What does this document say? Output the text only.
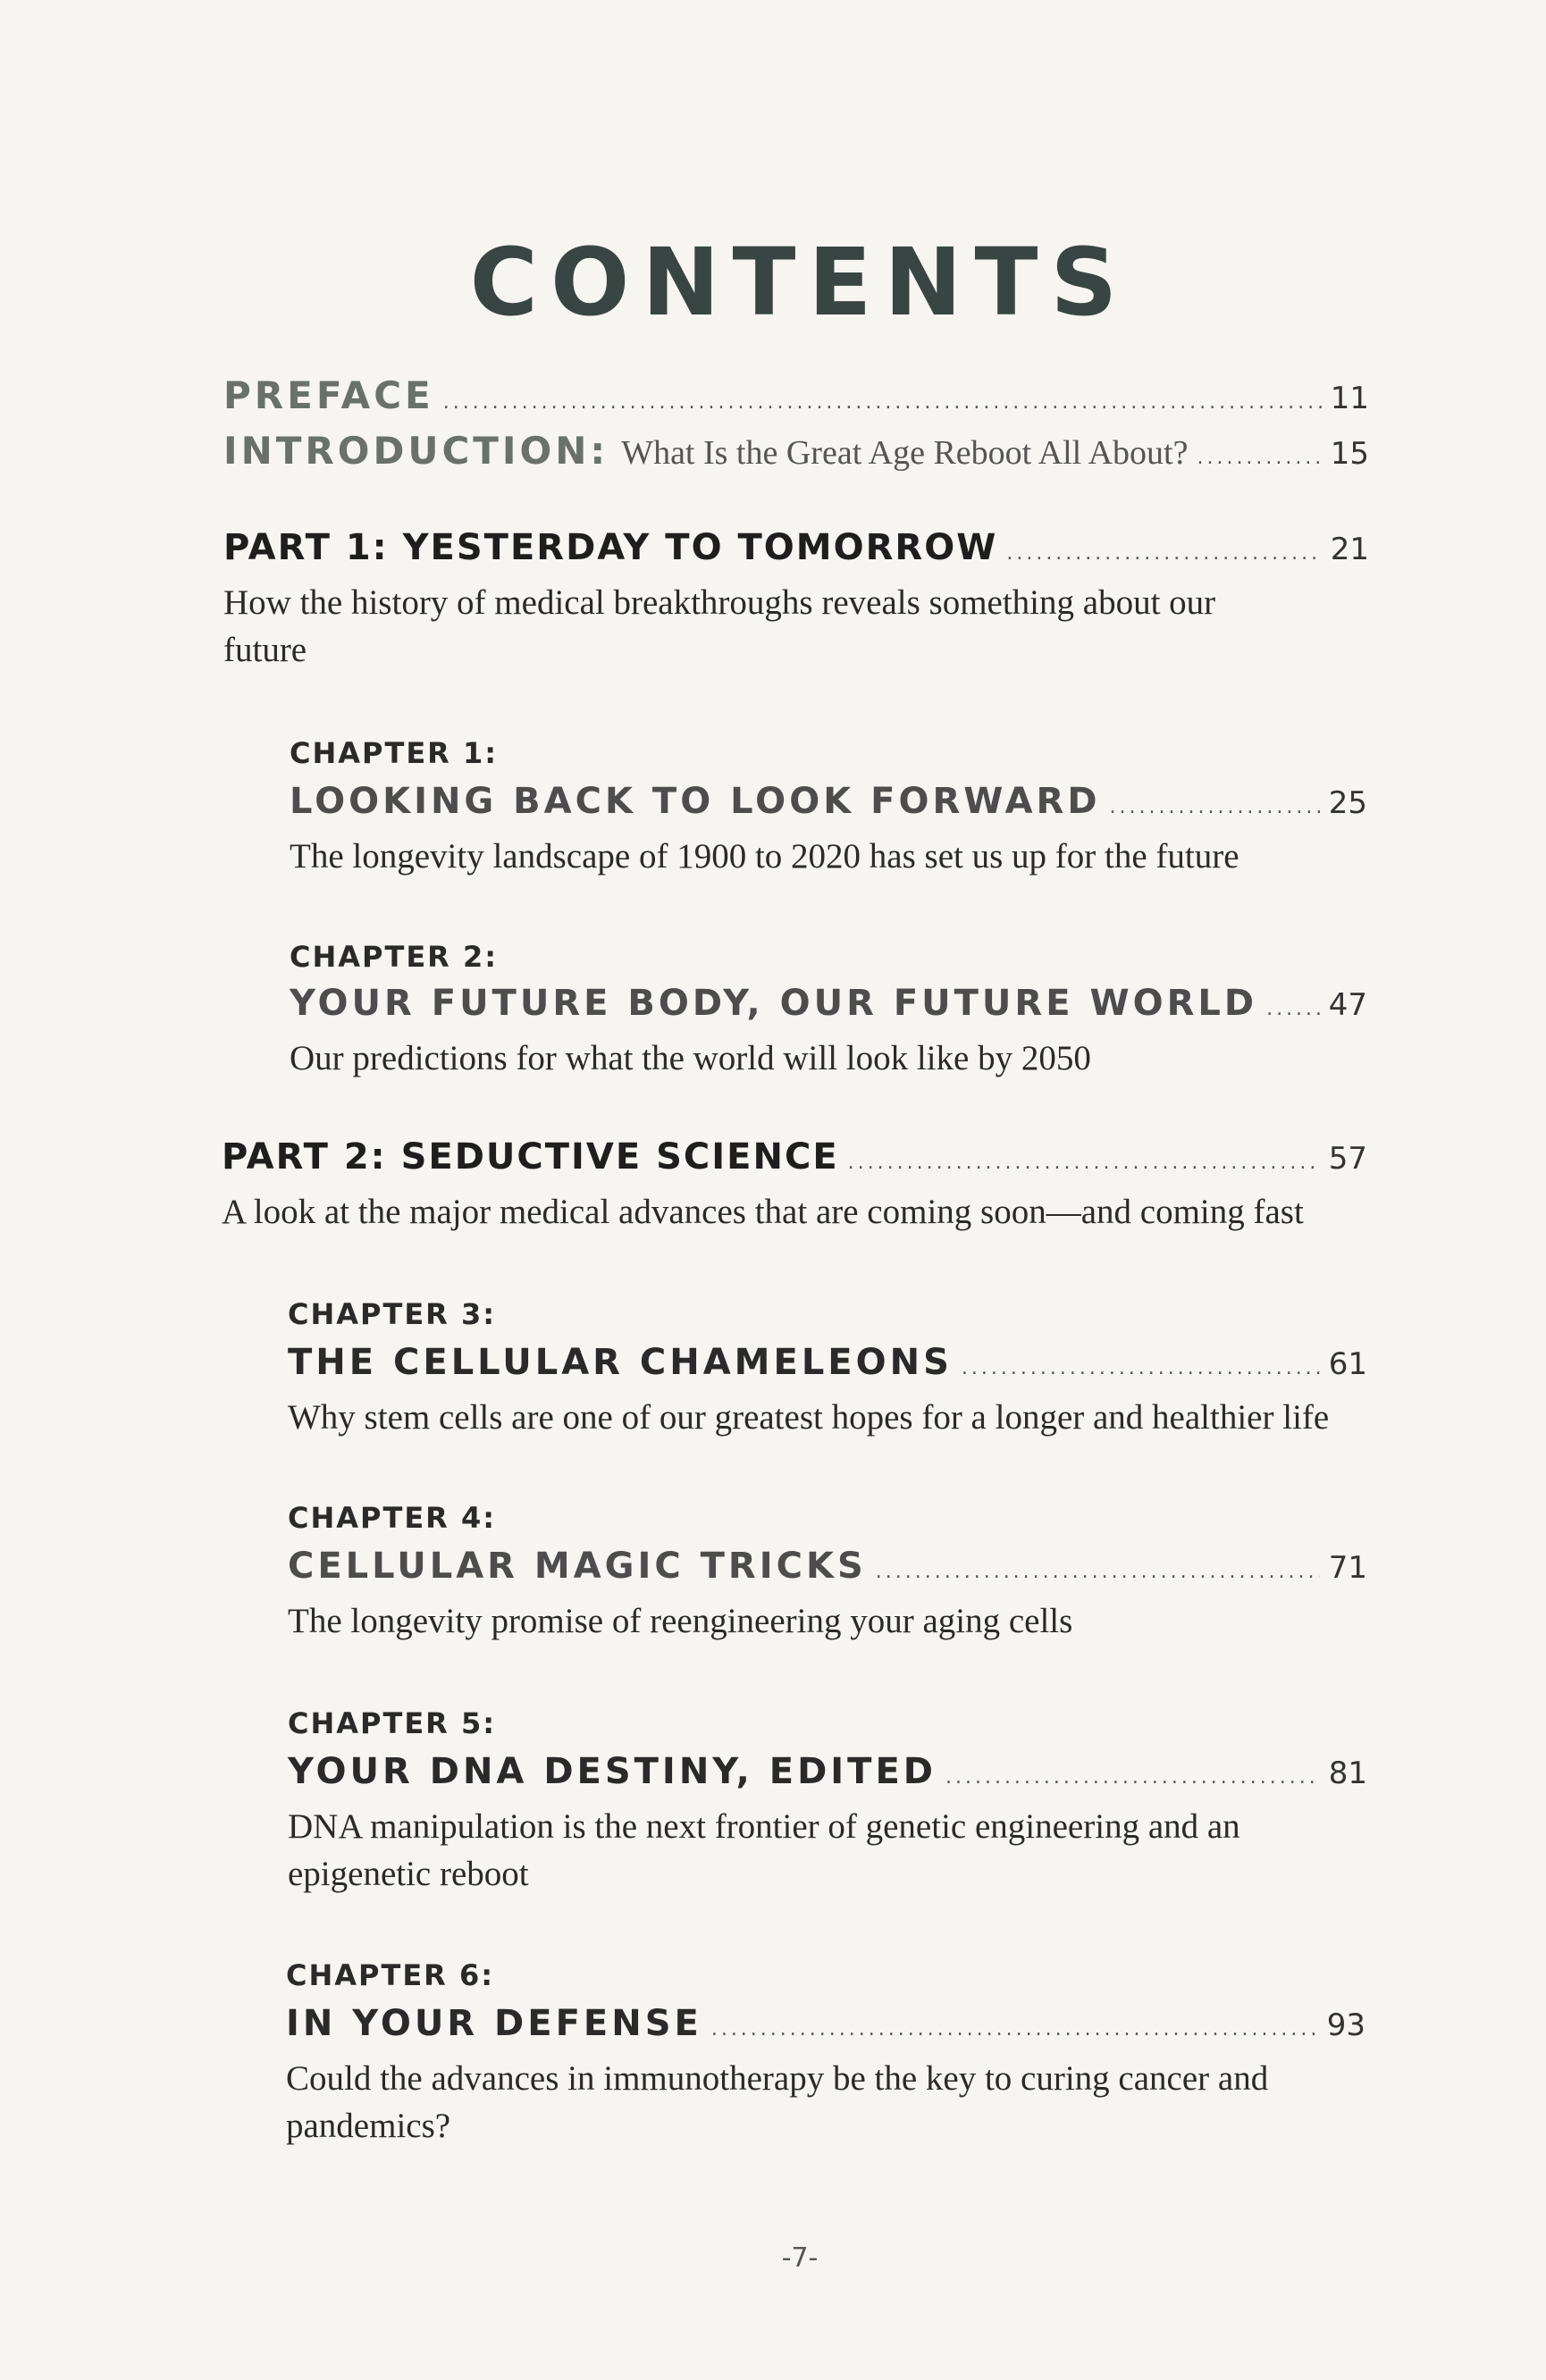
CONTENTS
PREFACE .....	11
INTRODUCTION: What Is the Great Age Reboot All About? .....	15
PART 1: YESTERDAY TO TOMORROW .....	21
How the history of medical breakthroughs reveals something about our future
CHAPTER 1:
LOOKING BACK TO LOOK FORWARD .....	25
The longevity landscape of 1900 to 2020 has set us up for the future
CHAPTER 2:
YOUR FUTURE BODY, OUR FUTURE WORLD ..... 47
Our predictions for what the world will look like by 2050
PART 2: SEDUCTIVE SCIENCE .....	57
A look at the major medical advances that are coming soon—and coming fast
CHAPTER 3:
THE CELLULAR CHAMELEONS .....	61
Why stem cells are one of our greatest hopes for a longer and healthier life
CHAPTER 4:
CELLULAR MAGIC TRICKS .....	71
The longevity promise of reengineering your aging cells
CHAPTER 5:
YOUR DNA DESTINY, EDITED .....	81
DNA manipulation is the next frontier of genetic engineering and an epigenetic reboot
CHAPTER 6:
IN YOUR DEFENSE .....	93
Could the advances in immunotherapy be the key to curing cancer and pandemics?
-7-
